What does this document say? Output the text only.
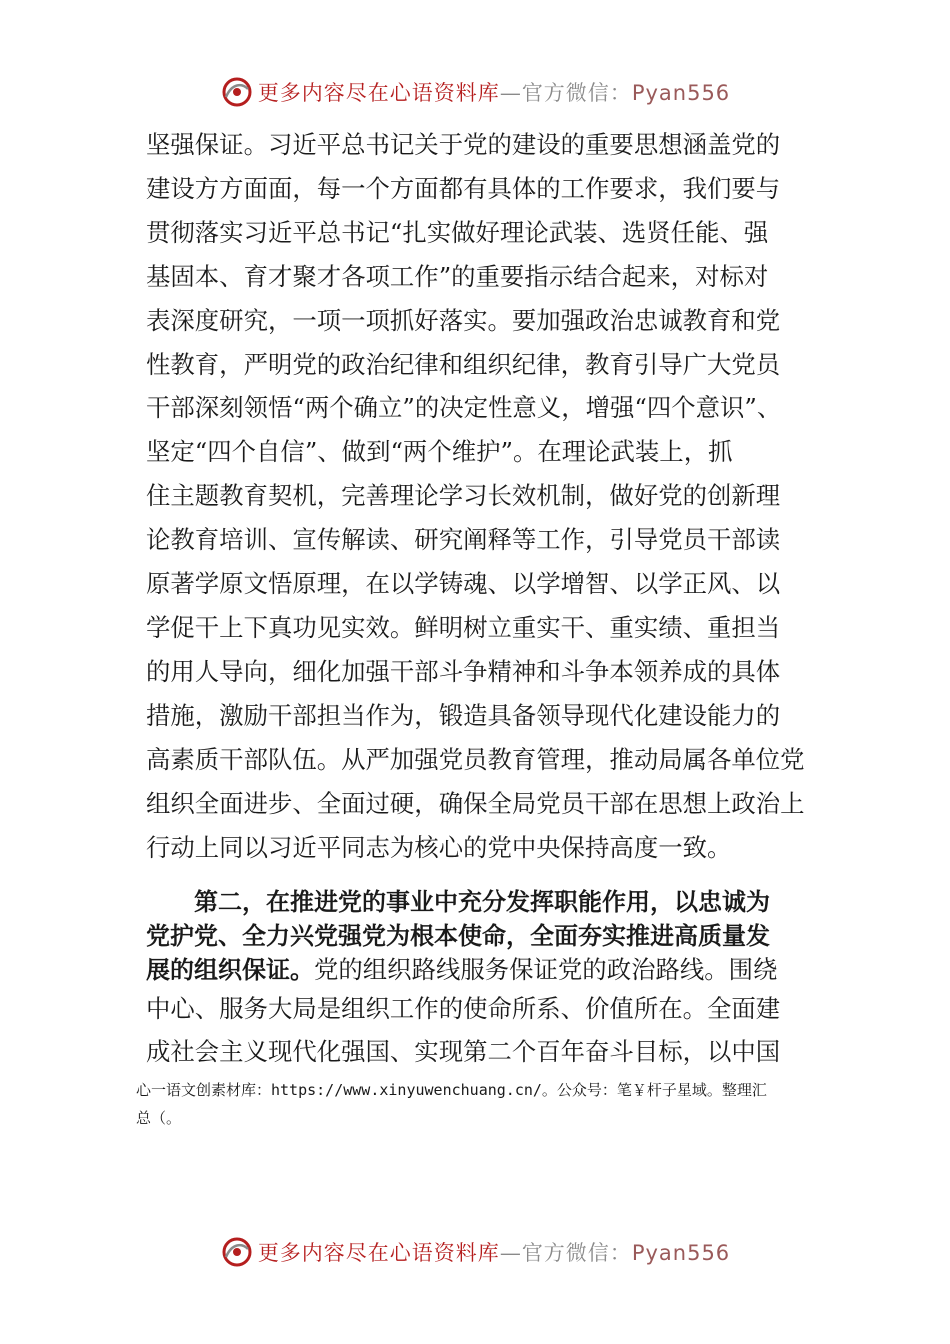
更多内容尽在心语资料库—官方微信：Pyan556
坚强保证。习近平总书记关于党的建设的重要思想涵盖党的
建设方方面面，每一个方面都有具体的工作要求，我们要与
贯彻落实习近平总书记“扎实做好理论武装、选贤任能、强
基固本、育才聚才各项工作”的重要指示结合起来，对标对
表深度研究，一项一项抓好落实。要加强政治忠诚教育和党
性教育，严明党的政治纪律和组织纪律，教育引导广大党员
干部深刻领悟“两个确立”的决定性意义，增强“四个意识”、
坚定“四个自信”、做到“两个维护”。在理论武装上，抓
住主题教育契机，完善理论学习长效机制，做好党的创新理
论教育培训、宣传解读、研究阐释等工作，引导党员干部读
原著学原文悟原理，在以学铸魂、以学增智、以学正风、以
学促干上下真功见实效。鲜明树立重实干、重实绩、重担当
的用人导向，细化加强干部斗争精神和斗争本领养成的具体
措施，激励干部担当作为，锻造具备领导现代化建设能力的
高素质干部队伍。从严加强党员教育管理，推动局属各单位党
组织全面进步、全面过硬，确保全局党员干部在思想上政治上
行动上同以习近平同志为核心的党中央保持高度一致。
　　第二，在推进党的事业中充分发挥职能作用，以忠诚为
党护党、全力兴党强党为根本使命，全面夯实推进高质量发
展的组织保证。党的组织路线服务保证党的政治路线。围绕
中心、服务大局是组织工作的使命所系、价值所在。全面建
成社会主义现代化强国、实现第二个百年奋斗目标，以中国
心一语文创素材库：https://www.xinyuwenchuang.cn/。公众号：笔￥杆子星域。整理汇
总（。
更多内容尽在心语资料库—官方微信：Pyan556
